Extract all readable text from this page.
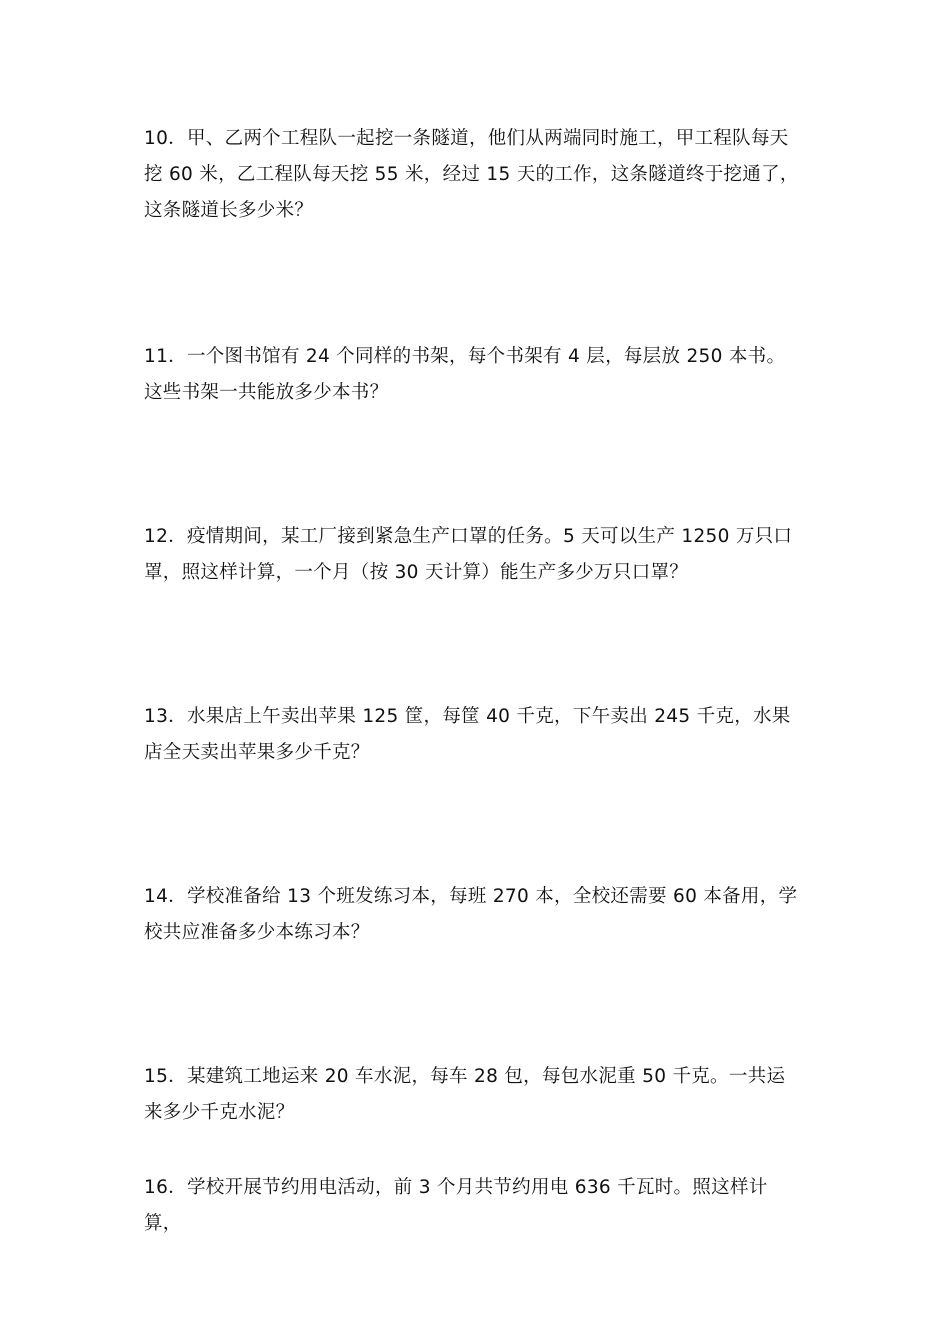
10．甲、乙两个工程队一起挖一条隧道，他们从两端同时施工，甲工程队每天挖 60 米，乙工程队每天挖 55 米，经过 15 天的工作，这条隧道终于挖通了，这条隧道长多少米？
11．一个图书馆有 24 个同样的书架，每个书架有 4 层，每层放 250 本书。这些书架一共能放多少本书？
12．疫情期间，某工厂接到紧急生产口罩的任务。5 天可以生产 1250 万只口罩，照这样计算，一个月（按 30 天计算）能生产多少万只口罩？
13．水果店上午卖出苹果 125 筐，每筐 40 千克，下午卖出 245 千克，水果店全天卖出苹果多少千克？
14．学校准备给 13 个班发练习本，每班 270 本，全校还需要 60 本备用，学校共应准备多少本练习本？
15．某建筑工地运来 20 车水泥，每车 28 包，每包水泥重 50 千克。一共运来多少千克水泥？
16．学校开展节约用电活动，前 3 个月共节约用电 636 千瓦时。照这样计算，
